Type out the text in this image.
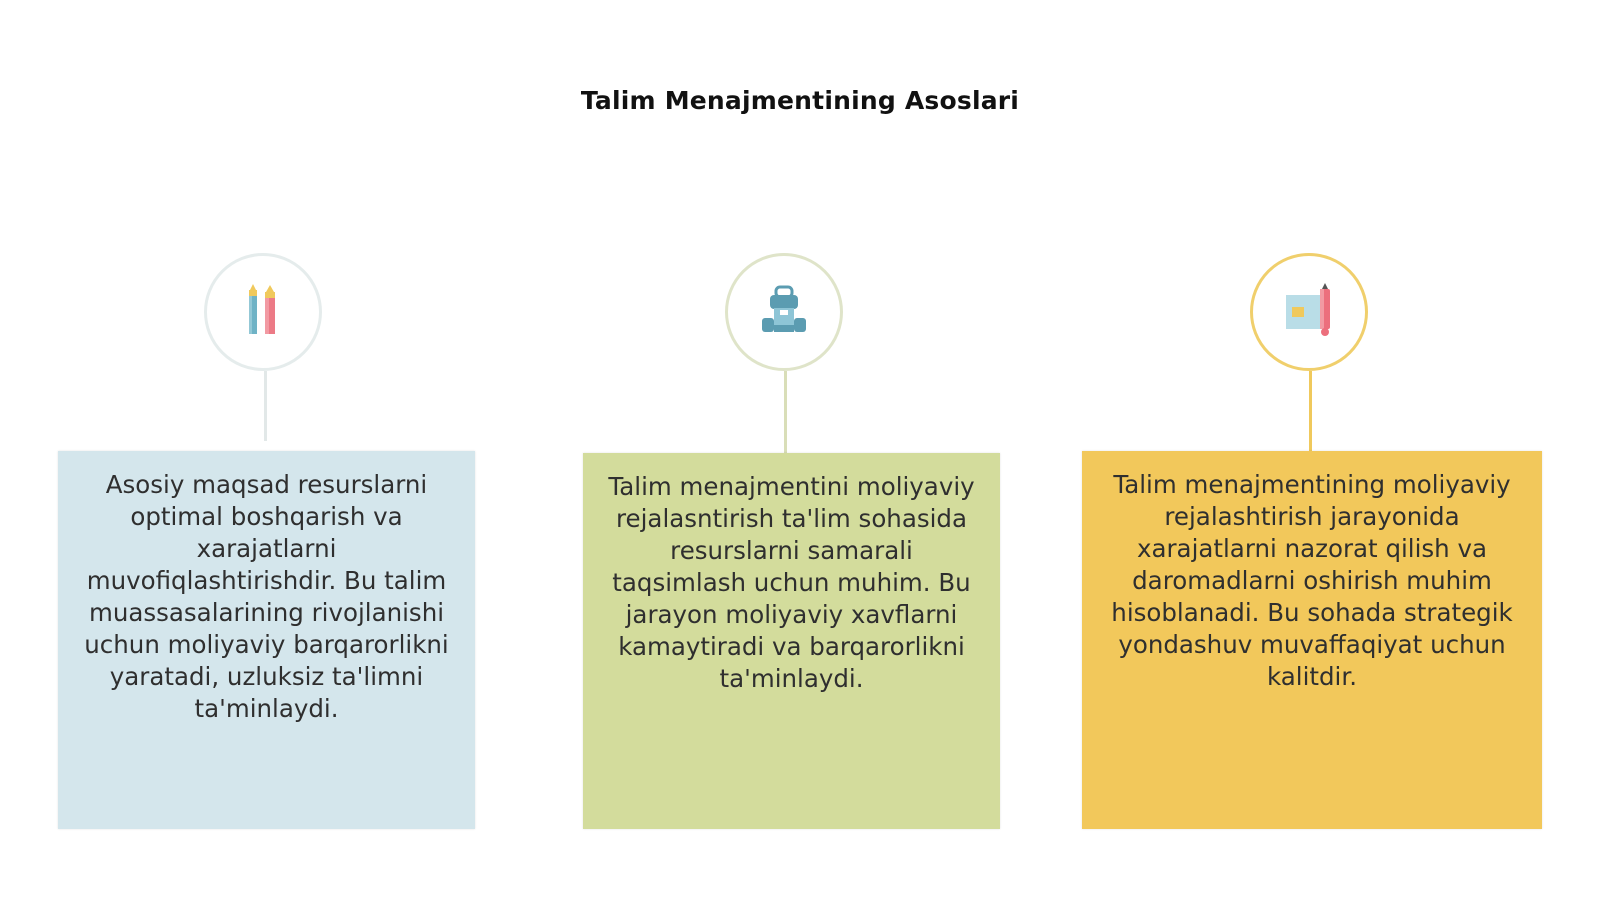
Talim Menajmentining Asoslari
Asosiy maqsad resurslarni optimal boshqarish va xarajatlarni muvofiqlashtirishdir. Bu talim muassasalarining rivojlanishi uchun moliyaviy barqarorlikni yaratadi, uzluksiz ta'limni ta'minlaydi.
Talim menajmentini moliyaviy rejalasntirish ta'lim sohasida resurslarni samarali taqsimlash uchun muhim. Bu jarayon moliyaviy xavflarni kamaytiradi va barqarorlikni ta'minlaydi.
Talim menajmentining moliyaviy rejalashtirish jarayonida xarajatlarni nazorat qilish va daromadlarni oshirish muhim hisoblanadi. Bu sohada strategik yondashuv muvaffaqiyat uchun kalitdir.
